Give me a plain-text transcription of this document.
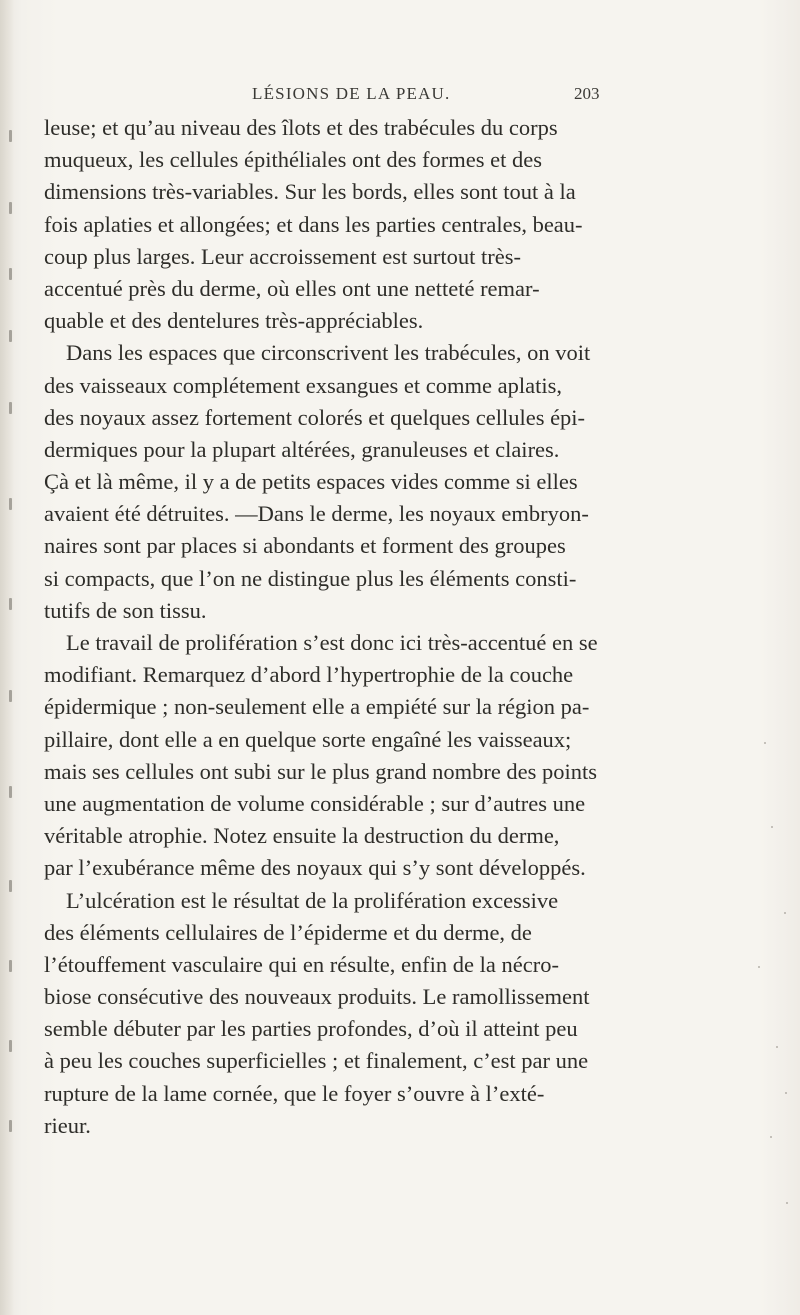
LÉSIONS DE LA PEAU.	203
leuse; et qu’au niveau des îlots et des trabécules du corps
muqueux, les cellules épithéliales ont des formes et des
dimensions très-variables. Sur les bords, elles sont tout à la
fois aplaties et allongées; et dans les parties centrales, beau-
coup plus larges. Leur accroissement est surtout très-
accentué près du derme, où elles ont une netteté remar-
quable et des dentelures très-appréciables.
Dans les espaces que circonscrivent les trabécules, on voit
des vaisseaux complétement exsangues et comme aplatis,
des noyaux assez fortement colorés et quelques cellules épi-
dermiques pour la plupart altérées, granuleuses et claires.
Çà et là même, il y a de petits espaces vides comme si elles
avaient été détruites. —Dans le derme, les noyaux embryon-
naires sont par places si abondants et forment des groupes
si compacts, que l’on ne distingue plus les éléments consti-
tutifs de son tissu.
Le travail de prolifération s’est donc ici très-accentué en se
modifiant. Remarquez d’abord l’hypertrophie de la couche
épidermique ; non-seulement elle a empiété sur la région pa-
pillaire, dont elle a en quelque sorte engaîné les vaisseaux;
mais ses cellules ont subi sur le plus grand nombre des points
une augmentation de volume considérable ; sur d’autres une
véritable atrophie. Notez ensuite la destruction du derme,
par l’exubérance même des noyaux qui s’y sont développés.
L’ulcération est le résultat de la prolifération excessive
des éléments cellulaires de l’épiderme et du derme, de
l’étouffement vasculaire qui en résulte, enfin de la nécro-
biose consécutive des nouveaux produits. Le ramollissement
semble débuter par les parties profondes, d’où il atteint peu
à peu les couches superficielles ; et finalement, c’est par une
rupture de la lame cornée, que le foyer s’ouvre à l’exté-
rieur.
